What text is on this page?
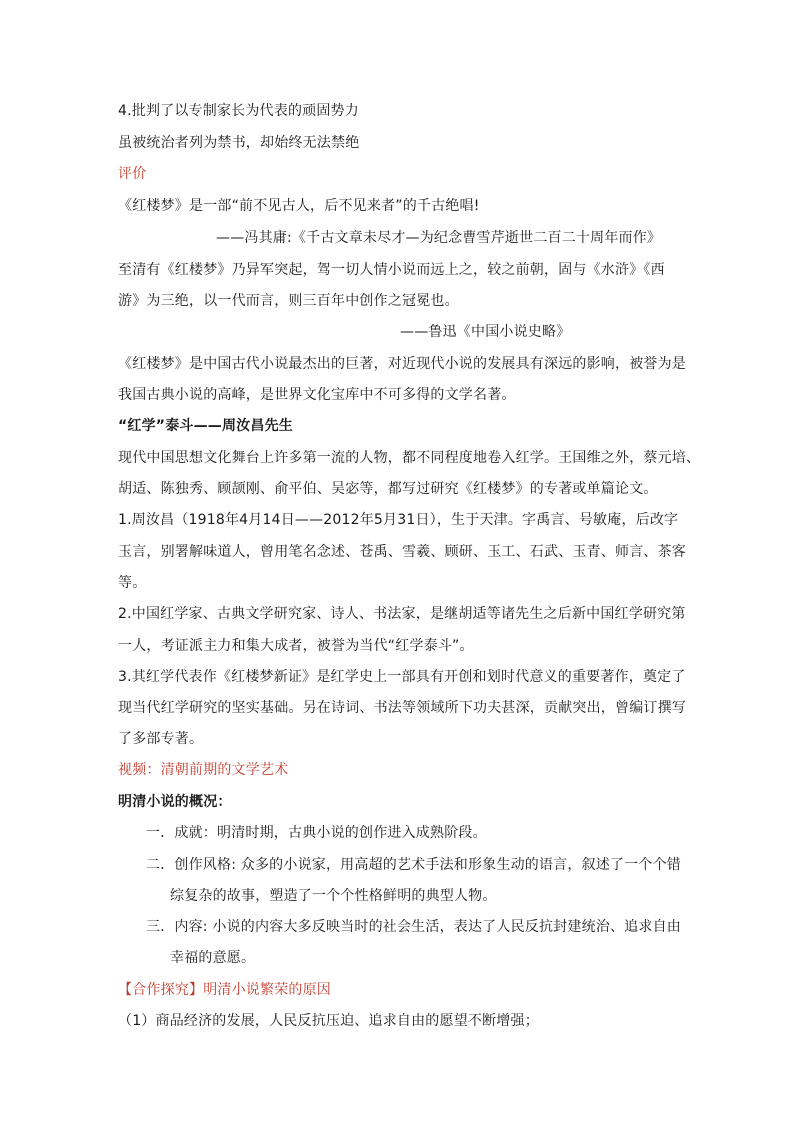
4.批判了以专制家长为代表的顽固势力
虽被统治者列为禁书，却始终无法禁绝
评价
《红楼梦》是一部“前不见古人，后不见来者”的千古绝唱!
——冯其庸:《千古文章未尽才—为纪念曹雪芹逝世二百二十周年而作》
至清有《红楼梦》乃异军突起，驾一切人情小说而远上之，较之前朝，固与《水浒》《西
游》为三绝，以一代而言，则三百年中创作之冠冕也。
——鲁迅《中国小说史略》
《红楼梦》是中国古代小说最杰出的巨著，对近现代小说的发展具有深远的影响，被誉为是
我国古典小说的高峰，是世界文化宝库中不可多得的文学名著。
“红学”泰斗——周汝昌先生
现代中国思想文化舞台上许多第一流的人物，都不同程度地卷入红学。王国维之外，蔡元培、
胡适、陈独秀、顾颉刚、俞平伯、吴宓等，都写过研究《红楼梦》的专著或单篇论文。
1.周汝昌（1918年4月14日——2012年5月31日），生于天津。字禹言、号敏庵，后改字
玉言，别署解味道人，曾用笔名念述、苍禹、雪羲、顾研、玉工、石武、玉青、师言、茶客
等。
2.中国红学家、古典文学研究家、诗人、书法家，是继胡适等诸先生之后新中国红学研究第
一人，考证派主力和集大成者，被誉为当代“红学泰斗”。
3.其红学代表作《红楼梦新证》是红学史上一部具有开创和划时代意义的重要著作，奠定了
现当代红学研究的坚实基础。另在诗词、书法等领域所下功夫甚深，贡献突出，曾编订撰写
了多部专著。
视频：清朝前期的文学艺术
明清小说的概况：
一．成就：明清时期，古典小说的创作进入成熟阶段。
二．创作风格: 众多的小说家，用高超的艺术手法和形象生动的语言，叙述了一个个错
综复杂的故事，塑造了一个个性格鲜明的典型人物。
三．内容: 小说的内容大多反映当时的社会生活，表达了人民反抗封建统治、追求自由
幸福的意愿。
【合作探究】明清小说繁荣的原因
（1）商品经济的发展，人民反抗压迫、追求自由的愿望不断增强；
